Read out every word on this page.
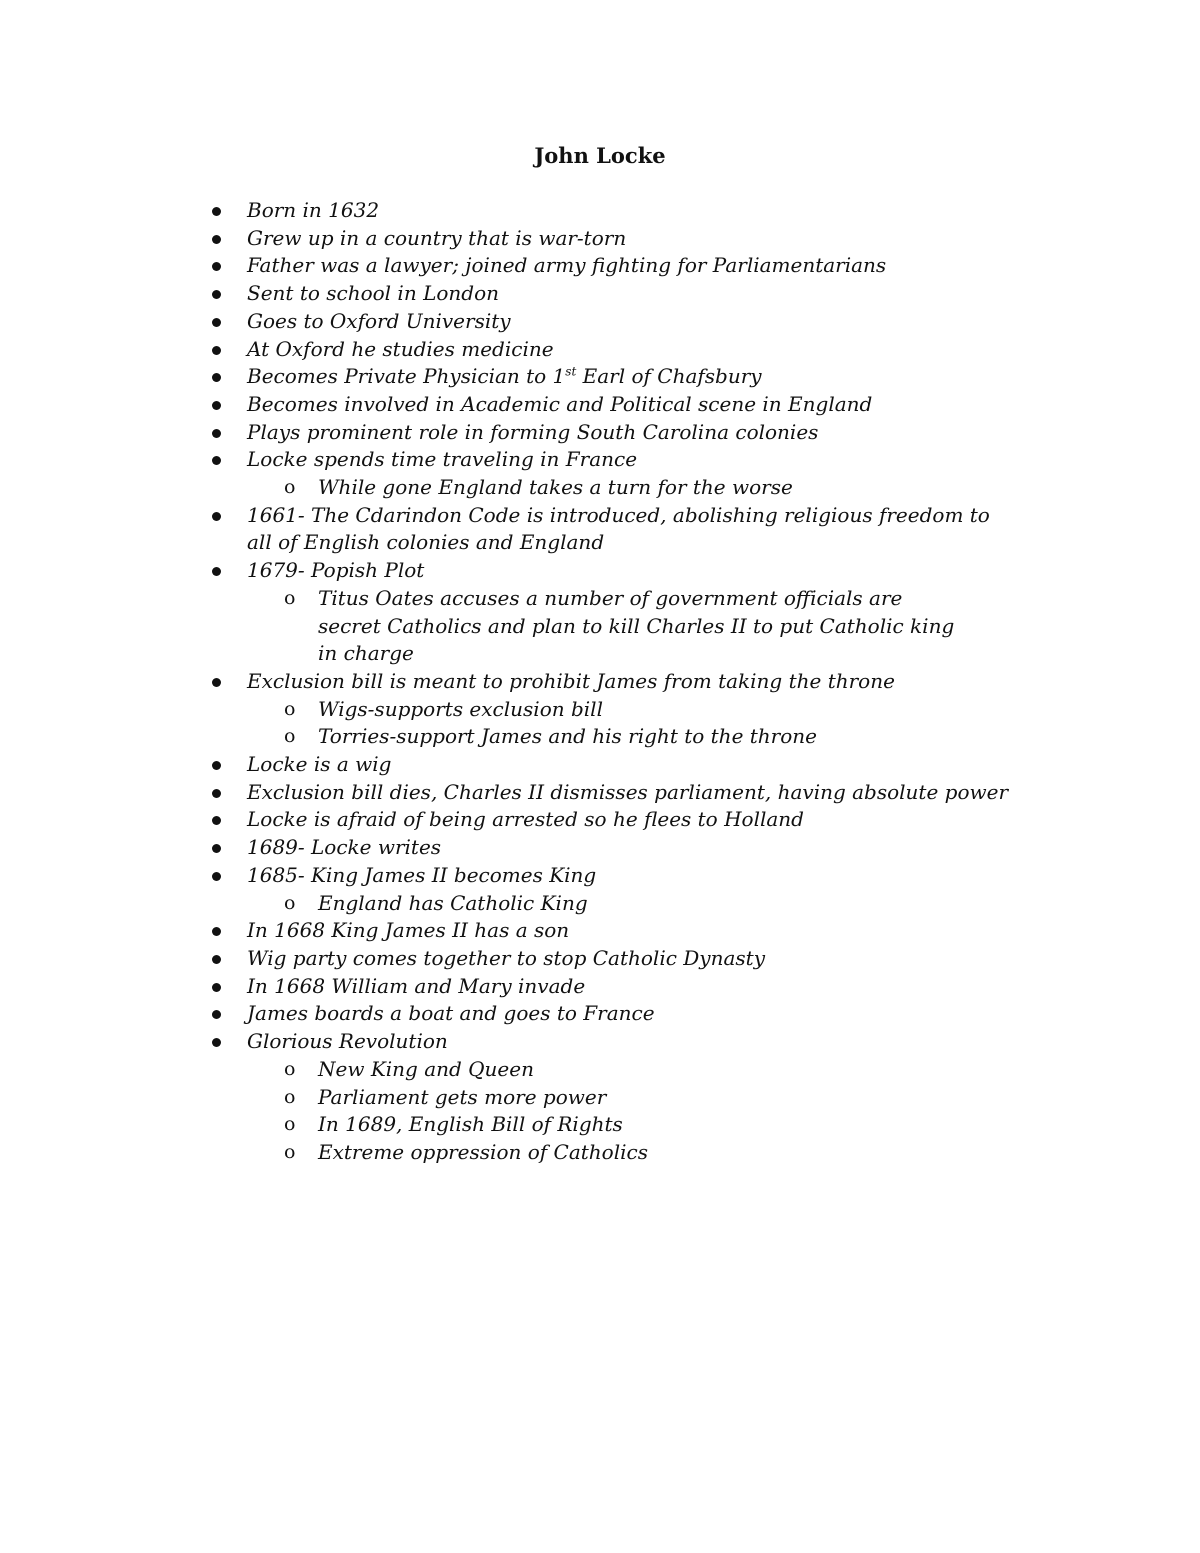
John Locke
Born in 1632
Grew up in a country that is war-torn
Father was a lawyer; joined army fighting for Parliamentarians
Sent to school in London
Goes to Oxford University
At Oxford he studies medicine
Becomes Private Physician to 1st Earl of Chafsbury
Becomes involved in Academic and Political scene in England
Plays prominent role in forming South Carolina colonies
Locke spends time traveling in France
o While gone England takes a turn for the worse
1661- The Cdarindon Code is introduced, abolishing religious freedom to all of English colonies and England
1679- Popish Plot
o Titus Oates accuses a number of government officials are secret Catholics and plan to kill Charles II to put Catholic king in charge
Exclusion bill is meant to prohibit James from taking the throne
o Wigs-supports exclusion bill
o Torries-support James and his right to the throne
Locke is a wig
Exclusion bill dies, Charles II dismisses parliament, having absolute power
Locke is afraid of being arrested so he flees to Holland
1689- Locke writes
1685- King James II becomes King
o England has Catholic King
In 1668 King James II has a son
Wig party comes together to stop Catholic Dynasty
In 1668 William and Mary invade
James boards a boat and goes to France
Glorious Revolution
o New King and Queen
o Parliament gets more power
o In 1689, English Bill of Rights
o Extreme oppression of Catholics
